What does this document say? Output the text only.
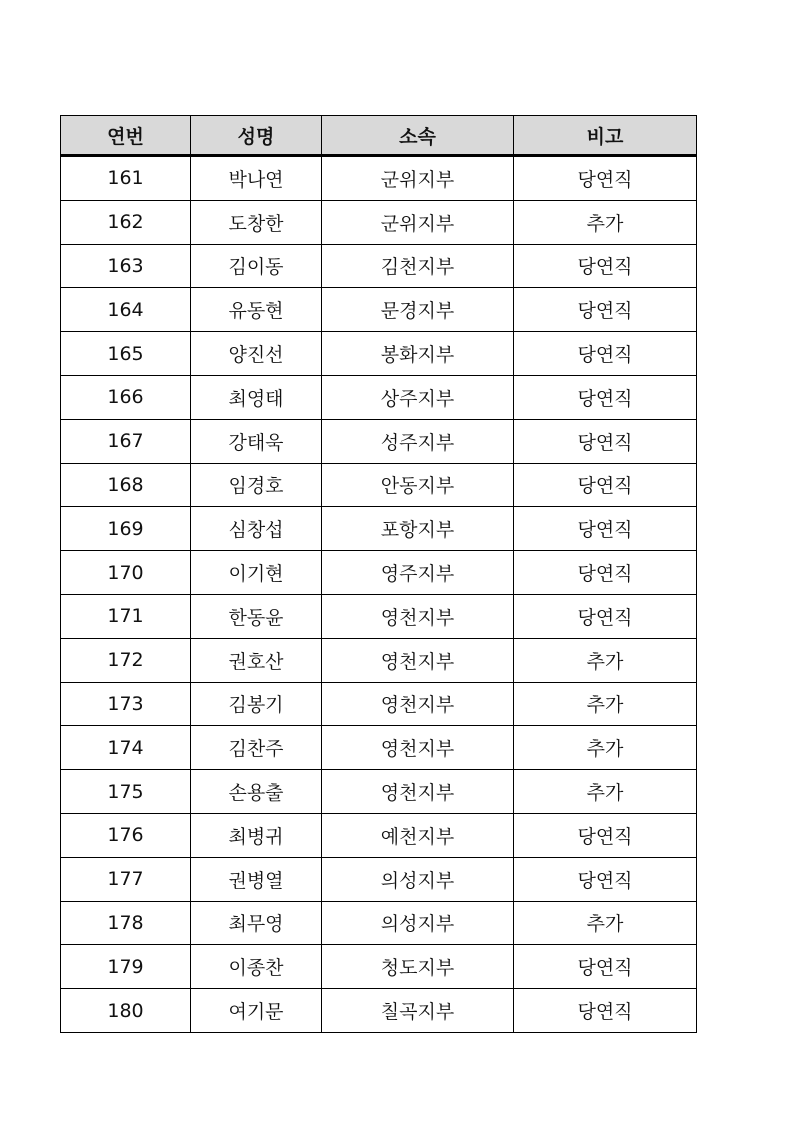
연번	성명	소속	비고
161	박나연	군위지부	당연직
162	도창한	군위지부	추가
163	김이동	김천지부	당연직
164	유동현	문경지부	당연직
165	양진선	봉화지부	당연직
166	최영태	상주지부	당연직
167	강태욱	성주지부	당연직
168	임경호	안동지부	당연직
169	심창섭	포항지부	당연직
170	이기현	영주지부	당연직
171	한동윤	영천지부	당연직
172	권호산	영천지부	추가
173	김봉기	영천지부	추가
174	김찬주	영천지부	추가
175	손용출	영천지부	추가
176	최병귀	예천지부	당연직
177	권병열	의성지부	당연직
178	최무영	의성지부	추가
179	이종찬	청도지부	당연직
180	여기문	칠곡지부	당연직
